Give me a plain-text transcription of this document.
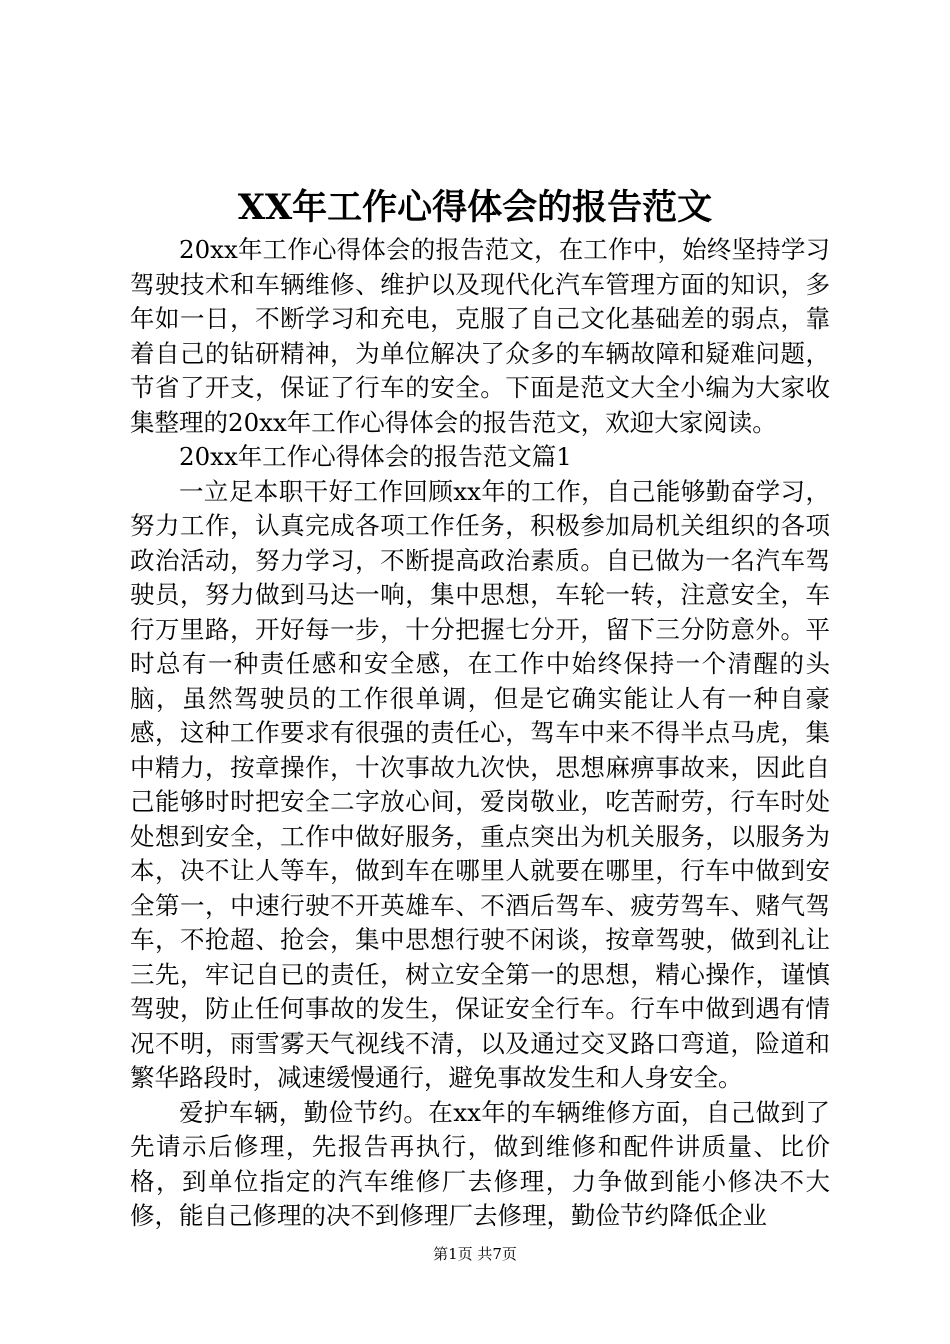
XX年工作心得体会的报告范文

20xx年工作心得体会的报告范文，在工作中，始终坚持学习驾驶技术和车辆维修、维护以及现代化汽车管理方面的知识，多年如一日，不断学习和充电，克服了自己文化基础差的弱点，靠着自己的钻研精神，为单位解决了众多的车辆故障和疑难问题，节省了开支，保证了行车的安全。下面是范文大全小编为大家收集整理的20xx年工作心得体会的报告范文，欢迎大家阅读。

20xx年工作心得体会的报告范文篇1

一立足本职干好工作回顾xx年的工作，自己能够勤奋学习，努力工作，认真完成各项工作任务，积极参加局机关组织的各项政治活动，努力学习，不断提高政治素质。自已做为一名汽车驾驶员，努力做到马达一响，集中思想，车轮一转，注意安全，车行万里路，开好每一步，十分把握七分开，留下三分防意外。平时总有一种责任感和安全感，在工作中始终保持一个清醒的头脑，虽然驾驶员的工作很单调，但是它确实能让人有一种自豪感，这种工作要求有很强的责任心，驾车中来不得半点马虎，集中精力，按章操作，十次事故九次快，思想麻痹事故来，因此自己能够时时把安全二字放心间，爱岗敬业，吃苦耐劳，行车时处处想到安全，工作中做好服务，重点突出为机关服务，以服务为本，决不让人等车，做到车在哪里人就要在哪里，行车中做到安全第一，中速行驶不开英雄车、不酒后驾车、疲劳驾车、赌气驾车，不抢超、抢会，集中思想行驶不闲谈，按章驾驶，做到礼让三先，牢记自已的责任，树立安全第一的思想，精心操作，谨慎驾驶，防止任何事故的发生，保证安全行车。行车中做到遇有情况不明，雨雪雾天气视线不清，以及通过交叉路口弯道，险道和繁华路段时，减速缓慢通行，避免事故发生和人身安全。

爱护车辆，勤俭节约。在xx年的车辆维修方面，自己做到了先请示后修理，先报告再执行，做到维修和配件讲质量、比价格，到单位指定的汽车维修厂去修理，力争做到能小修决不大修，能自己修理的决不到修理厂去修理，勤俭节约降低企业

第1页 共7页
